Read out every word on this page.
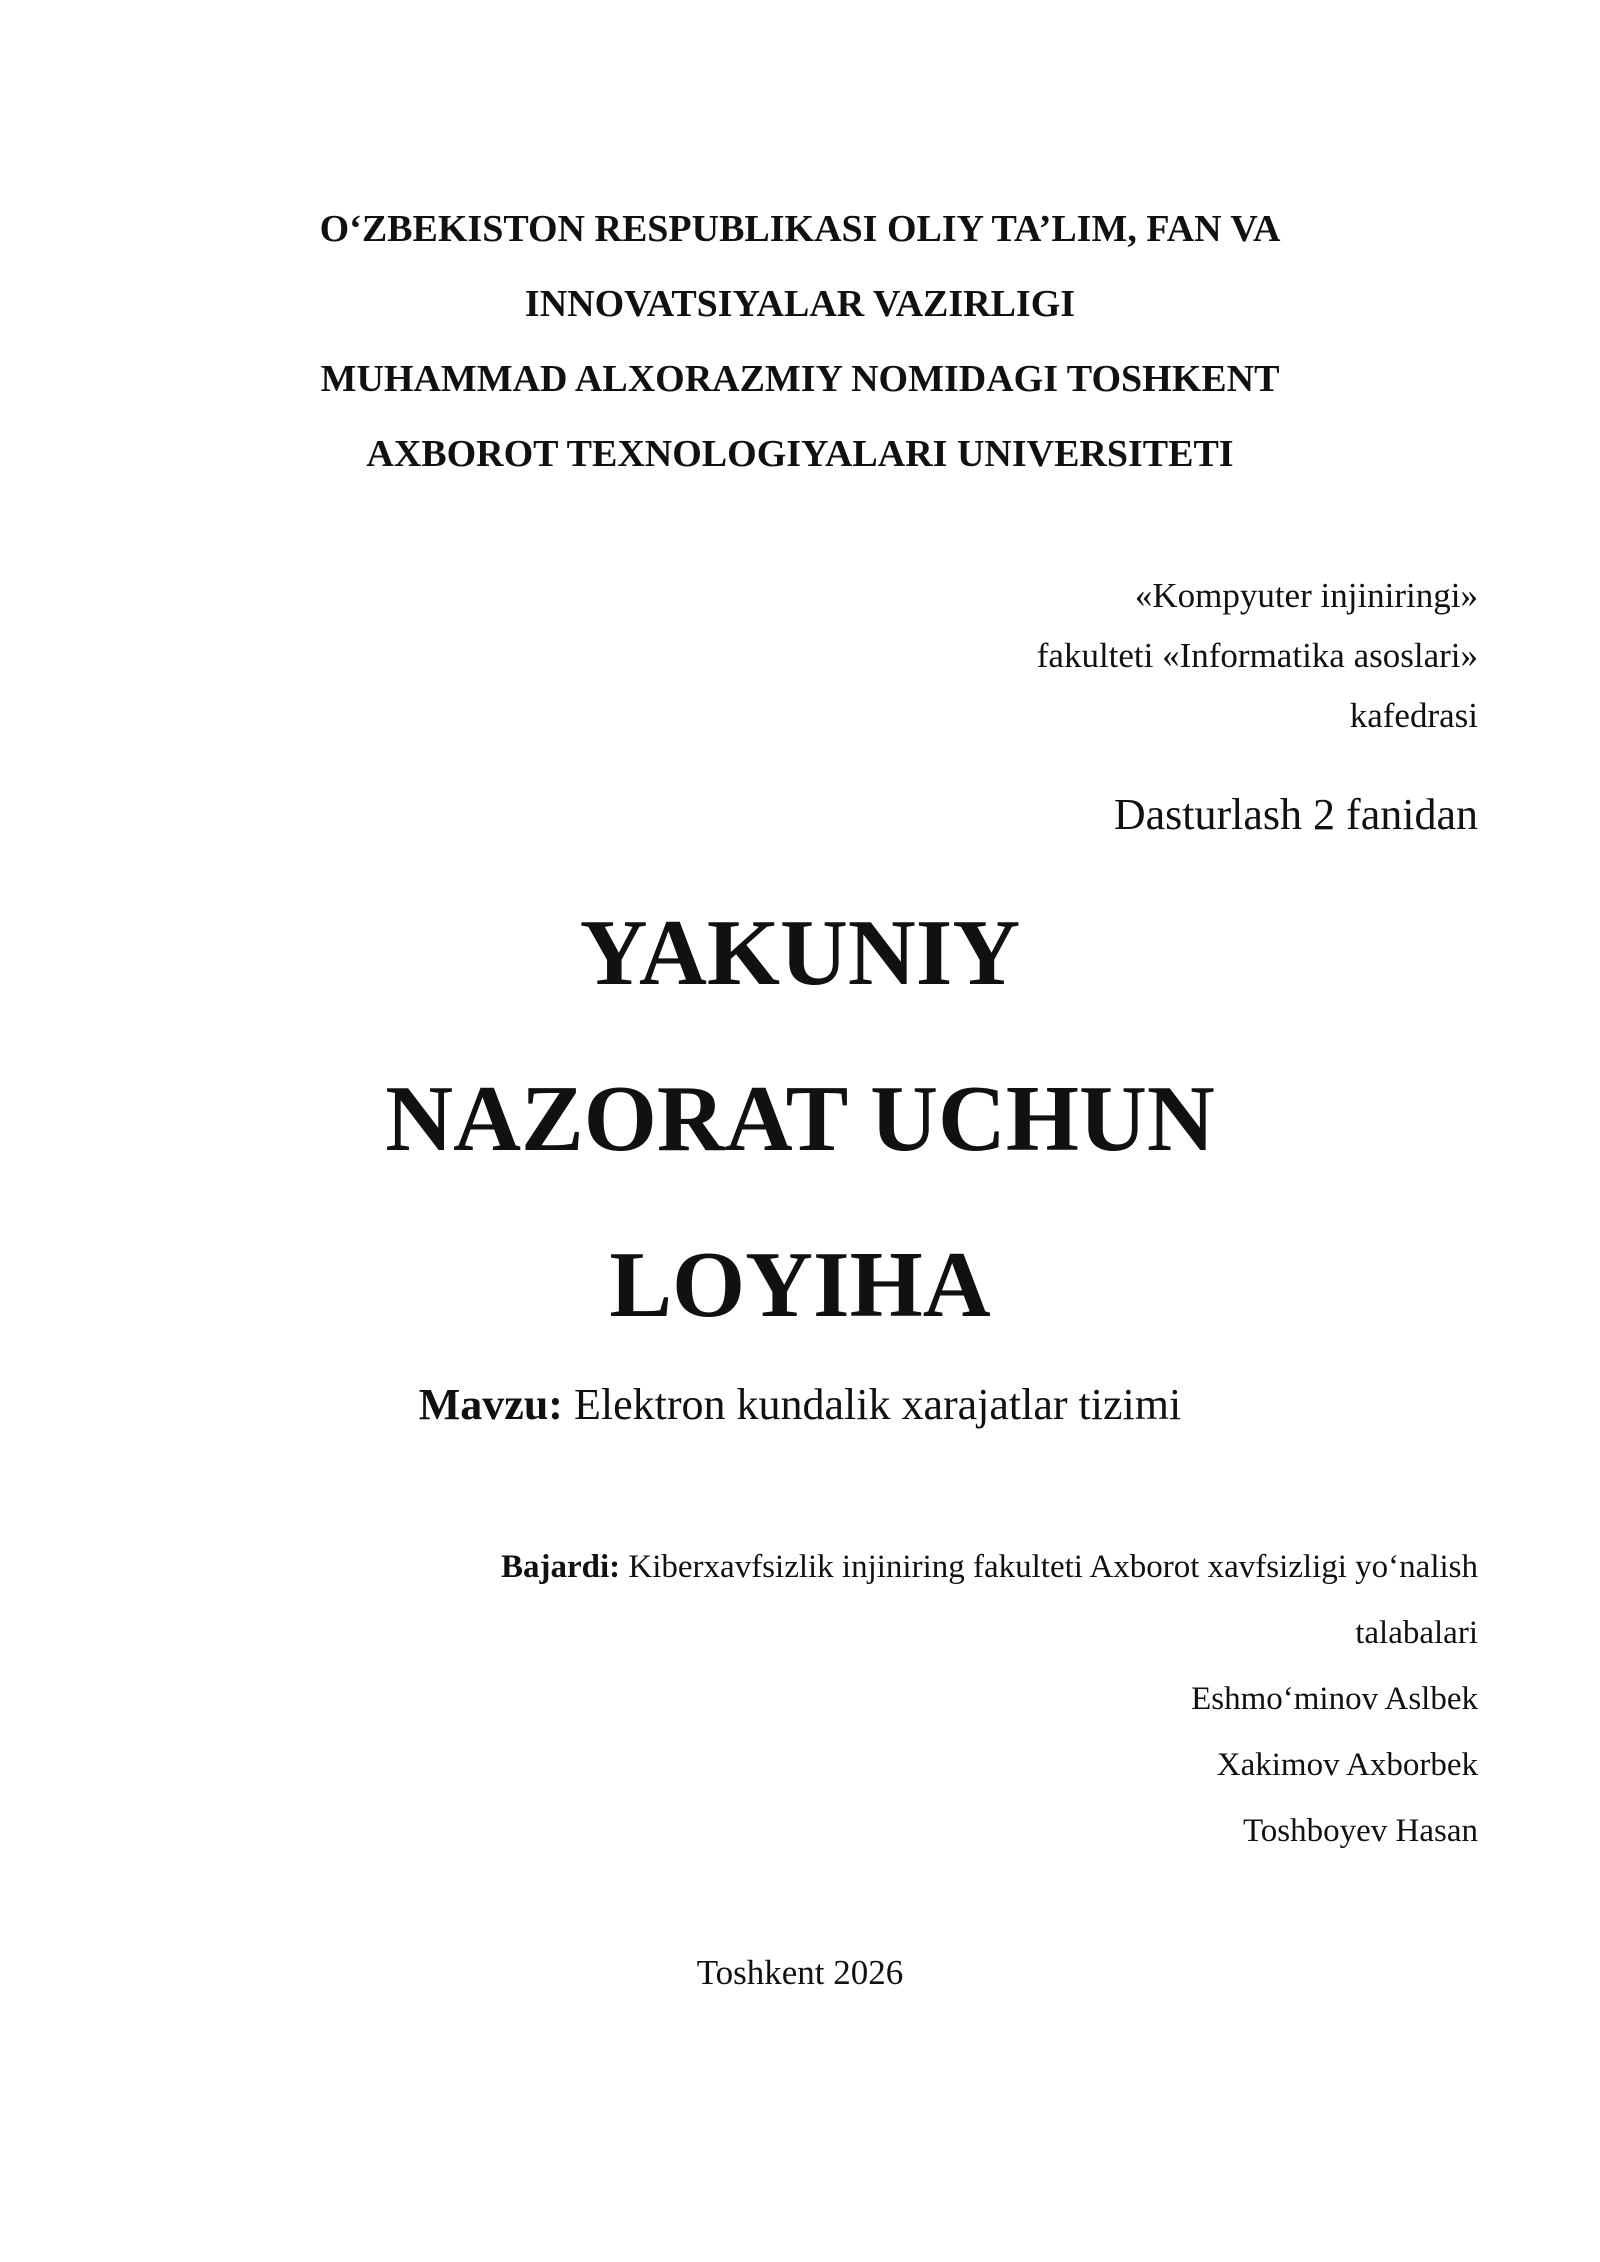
O‘ZBEKISTON RESPUBLIKASI OLIY TA’LIM, FAN VA
INNOVATSIYALAR VAZIRLIGI
MUHAMMAD ALXORAZMIY NOMIDAGI TOSHKENT
AXBOROT TEXNOLOGIYALARI UNIVERSITETI
«Kompyuter injiniringi»
fakulteti «Informatika asoslari»
kafedrasi
Dasturlash 2 fanidan
YAKUNIY
NAZORAT UCHUN
LOYIHA
Mavzu: Elektron kundalik xarajatlar tizimi
Bajardi: Kiberxavfsizlik injiniring fakulteti Axborot xavfsizligi yo‘nalish
talabalari
Eshmo‘minov Aslbek
Xakimov Axborbek
Toshboyev Hasan
Toshkent 2026
